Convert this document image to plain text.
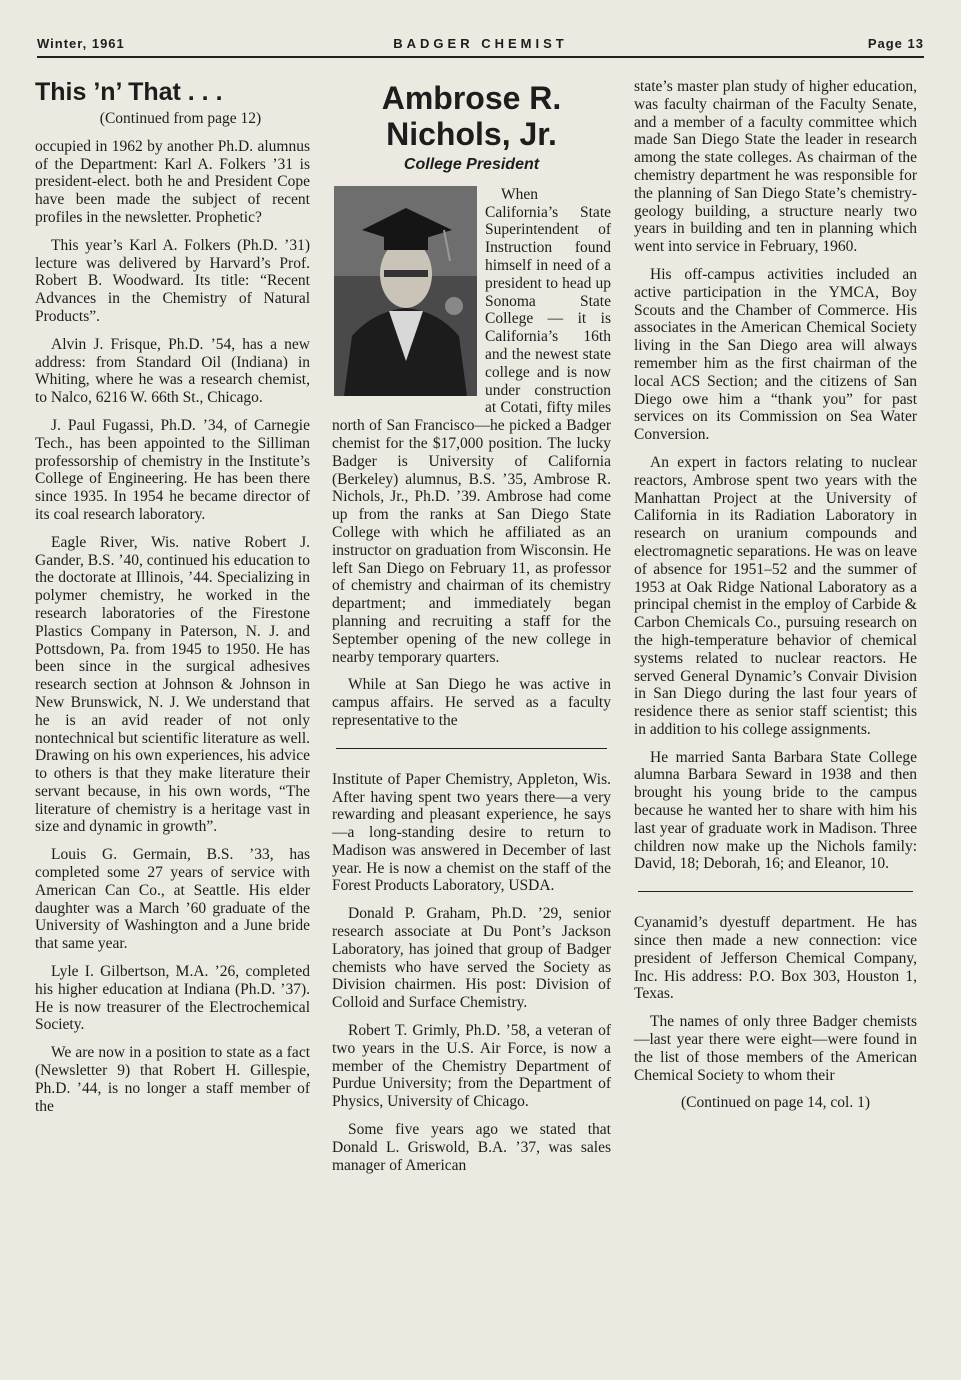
Winter, 1961	BADGER CHEMIST	Page 13
This ’n’ That . . .

(Continued from page 12)

occupied in 1962 by another Ph.D. alumnus of the Department: Karl A. Folkers ’31 is president-elect. both he and President Cope have been made the subject of recent profiles in the newsletter. Prophetic?

This year’s Karl A. Folkers (Ph.D. ’31) lecture was delivered by Harvard’s Prof. Robert B. Woodward. Its title: “Recent Advances in the Chemistry of Natural Products”.

Alvin J. Frisque, Ph.D. ’54, has a new address: from Standard Oil (Indiana) in Whiting, where he was a research chemist, to Nalco, 6216 W. 66th St., Chicago.

J. Paul Fugassi, Ph.D. ’34, of Carnegie Tech., has been appointed to the Silliman professorship of chemistry in the Institute’s College of Engineering. He has been there since 1935. In 1954 he became director of its coal research laboratory.

Eagle River, Wis. native Robert J. Gander, B.S. ’40, continued his education to the doctorate at Illinois, ’44. Specializing in polymer chemistry, he worked in the research laboratories of the Firestone Plastics Company in Paterson, N. J. and Pottsdown, Pa. from 1945 to 1950. He has been since in the surgical adhesives research section at Johnson & Johnson in New Brunswick, N. J. We understand that he is an avid reader of not only nontechnical but scientific literature as well. Drawing on his own experiences, his advice to others is that they make literature their servant because, in his own words, “The literature of chemistry is a heritage vast in size and dynamic in growth”.

Louis G. Germain, B.S. ’33, has completed some 27 years of service with American Can Co., at Seattle. His elder daughter was a March ’60 graduate of the University of Washington and a June bride that same year.

Lyle I. Gilbertson, M.A. ’26, completed his higher education at Indiana (Ph.D. ’37). He is now treasurer of the Electrochemical Society.

We are now in a position to state as a fact (Newsletter 9) that Robert H. Gillespie, Ph.D. ’44, is no longer a staff member of the

Ambrose R. Nichols, Jr.
College President

When California’s State Superintendent of Instruction found himself in need of a president to head up Sonoma State College — it is California’s 16th and the newest state college and is now under construction at Cotati, fifty miles north of San Francisco—he picked a Badger chemist for the $17,000 position. The lucky Badger is University of California (Berkeley) alumnus, B.S. ’35, Ambrose R. Nichols, Jr., Ph.D. ’39. Ambrose had come up from the ranks at San Diego State College with which he affiliated as an instructor on graduation from Wisconsin. He left San Diego on February 11, as professor of chemistry and chairman of its chemistry department; and immediately began planning and recruiting a staff for the September opening of the new college in nearby temporary quarters.

While at San Diego he was active in campus affairs. He served as a faculty representative to the

Institute of Paper Chemistry, Appleton, Wis. After having spent two years there—a very rewarding and pleasant experience, he says—a long-standing desire to return to Madison was answered in December of last year. He is now a chemist on the staff of the Forest Products Laboratory, USDA.

Donald P. Graham, Ph.D. ’29, senior research associate at Du Pont’s Jackson Laboratory, has joined that group of Badger chemists who have served the Society as Division chairmen. His post: Division of Colloid and Surface Chemistry.

Robert T. Grimly, Ph.D. ’58, a veteran of two years in the U.S. Air Force, is now a member of the Chemistry Department of Purdue University; from the Department of Physics, University of Chicago.

Some five years ago we stated that Donald L. Griswold, B.A. ’37, was sales manager of American

state’s master plan study of higher education, was faculty chairman of the Faculty Senate, and a member of a faculty committee which made San Diego State the leader in research among the state colleges. As chairman of the chemistry department he was responsible for the planning of San Diego State’s chemistry-geology building, a structure nearly two years in building and ten in planning which went into service in February, 1960.

His off-campus activities included an active participation in the YMCA, Boy Scouts and the Chamber of Commerce. His associates in the American Chemical Society living in the San Diego area will always remember him as the first chairman of the local ACS Section; and the citizens of San Diego owe him a “thank you” for past services on its Commission on Sea Water Conversion.

An expert in factors relating to nuclear reactors, Ambrose spent two years with the Manhattan Project at the University of California in its Radiation Laboratory in research on uranium compounds and electromagnetic separations. He was on leave of absence for 1951–52 and the summer of 1953 at Oak Ridge National Laboratory as a principal chemist in the employ of Carbide & Carbon Chemicals Co., pursuing research on the high-temperature behavior of chemical systems related to nuclear reactors. He served General Dynamic’s Convair Division in San Diego during the last four years of residence there as senior staff scientist; this in addition to his college assignments.

He married Santa Barbara State College alumna Barbara Seward in 1938 and then brought his young bride to the campus because he wanted her to share with him his last year of graduate work in Madison. Three children now make up the Nichols family: David, 18; Deborah, 16; and Eleanor, 10.

Cyanamid’s dyestuff department. He has since then made a new connection: vice president of Jefferson Chemical Company, Inc. His address: P.O. Box 303, Houston 1, Texas.

The names of only three Badger chemists—last year there were eight—were found in the list of those members of the American Chemical Society to whom their

(Continued on page 14, col. 1)
